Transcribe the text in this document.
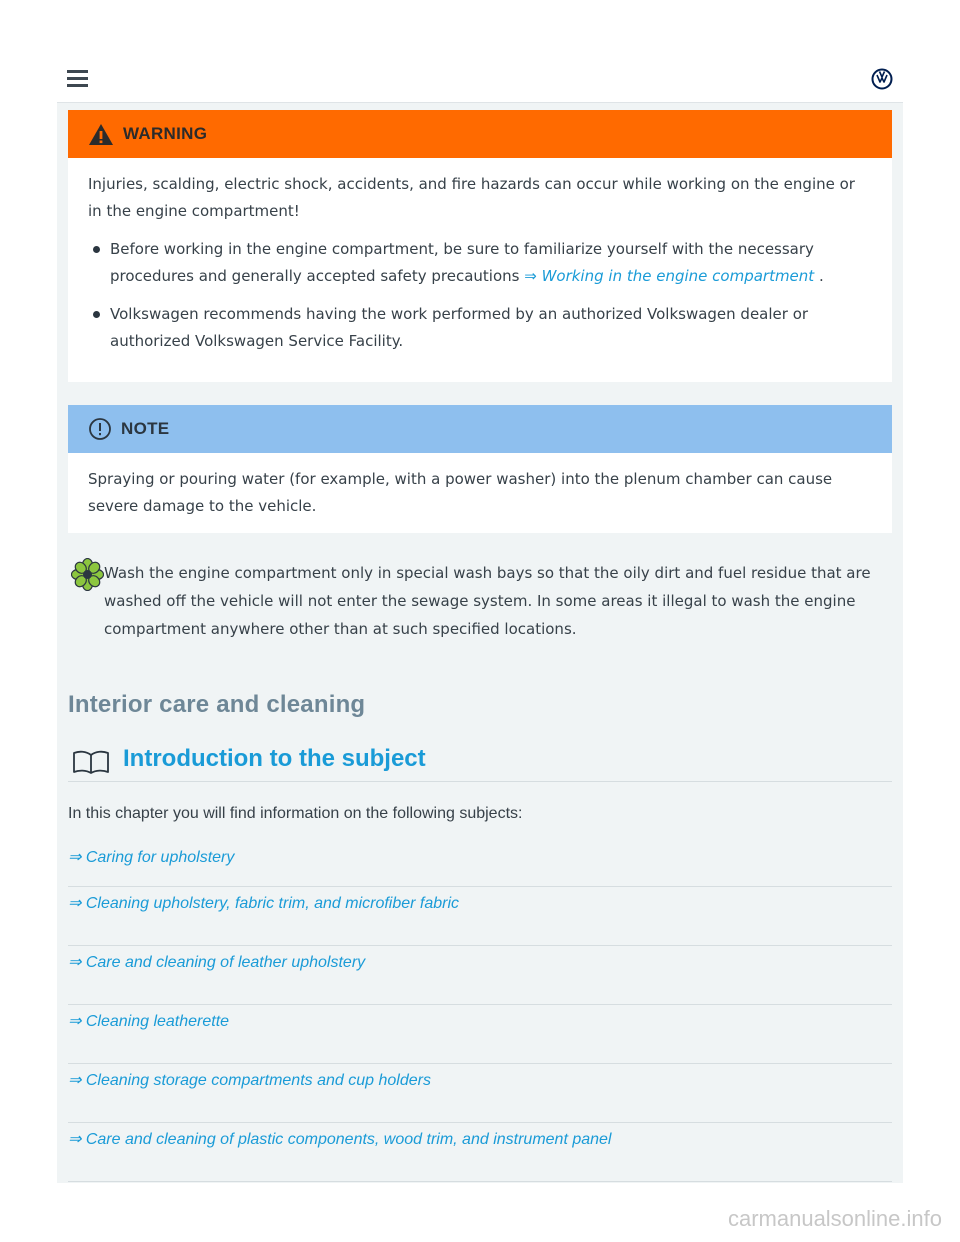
WARNING
Injuries, scalding, electric shock, accidents, and fire hazards can occur while working on the engine or in the engine compartment!
Before working in the engine compartment, be sure to familiarize yourself with the necessary procedures and generally accepted safety precautions ⇒ Working in the engine compartment .
Volkswagen recommends having the work performed by an authorized Volkswagen dealer or authorized Volkswagen Service Facility.
NOTE
Spraying or pouring water (for example, with a power washer) into the plenum chamber can cause severe damage to the vehicle.
Wash the engine compartment only in special wash bays so that the oily dirt and fuel residue that are washed off the vehicle will not enter the sewage system. In some areas it illegal to wash the engine compartment anywhere other than at such specified locations.
Interior care and cleaning
Introduction to the subject
In this chapter you will find information on the following subjects:
⇒ Caring for upholstery
⇒ Cleaning upholstery, fabric trim, and microfiber fabric
⇒ Care and cleaning of leather upholstery
⇒ Cleaning leatherette
⇒ Cleaning storage compartments and cup holders
⇒ Care and cleaning of plastic components, wood trim, and instrument panel
carmanualsonline.info
